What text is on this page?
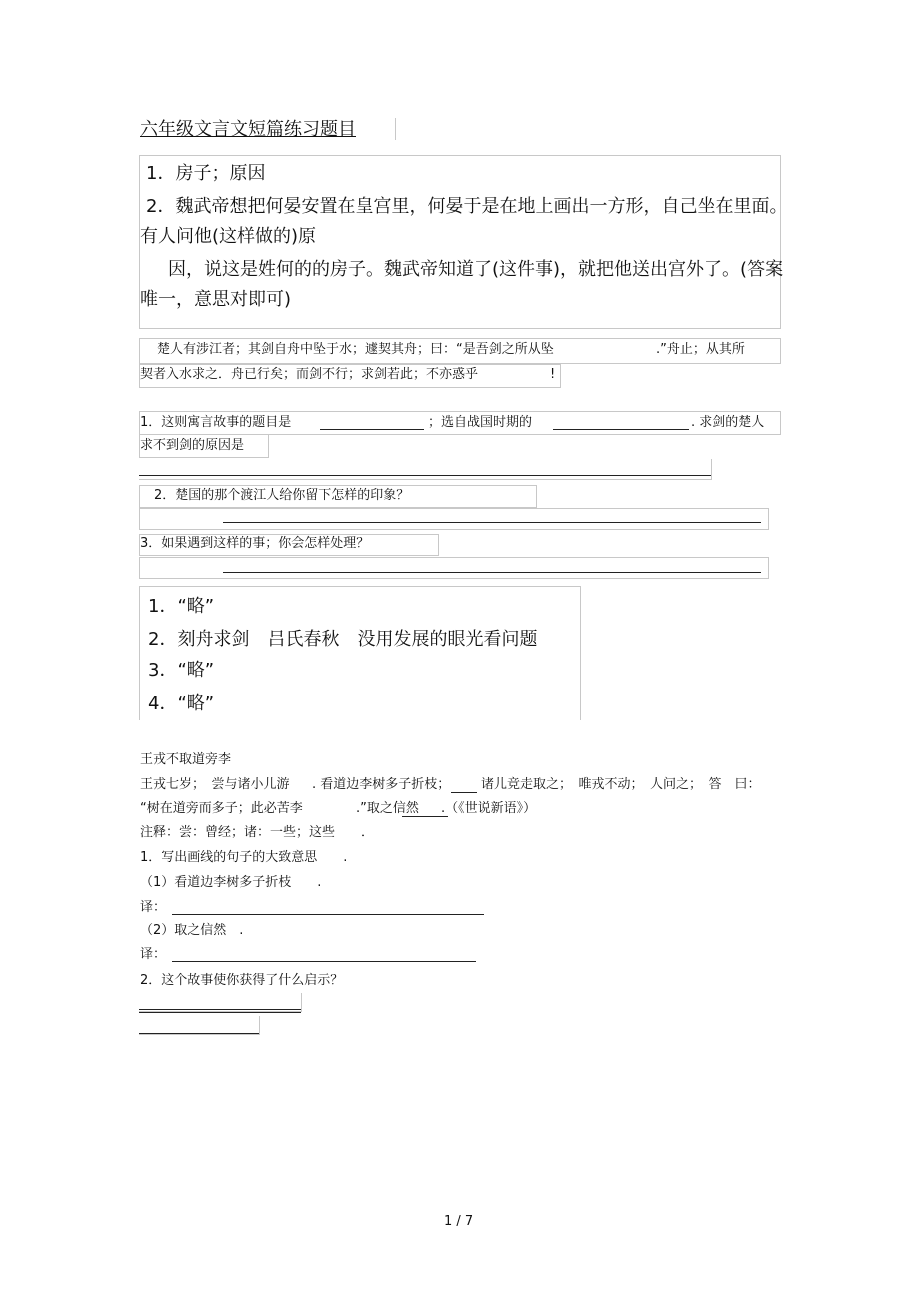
六年级文言文短篇练习题目
1．房子；原因
2．魏武帝想把何晏安置在皇宫里，何晏于是在地上画出一方形，自己坐在里面。
有人问他(这样做的)原
因，说这是姓何的的房子。魏武帝知道了(这件事)，就把他送出宫外了。(答案
唯一，意思对即可)
楚人有涉江者；其剑自舟中坠于水；遽契其舟；曰：“是吾剑之所从坠	.”舟止；从其所
契者入水求之．舟已行矣；而剑不行；求剑若此；不亦惑乎	!
1．这则寓言故事的题目是	；选自战国时期的	. 求剑的楚人
求不到剑的原因是
2．楚国的那个渡江人给你留下怎样的印象？
3．如果遇到这样的事；你会怎样处理？
1．“略”
2．刻舟求剑　吕氏春秋　没用发展的眼光看问题
3．“略”
4．“略”
王戎不取道旁李
王戎七岁；　尝与诸小儿游 . 看道边李树多子折枝； 诸儿竞走取之；　唯戎不动；　人问之；　答　曰：
“树在道旁而多子；此必苦李	.”取之信然 .（《世说新语》）
注释：尝：曾经；诸：一些；这些　　．
1．写出画线的句子的大致意思　　.
（1）看道边李树多子折枝　　.
译：
（2）取之信然　.
译：
2．这个故事使你获得了什么启示？
1 / 7
